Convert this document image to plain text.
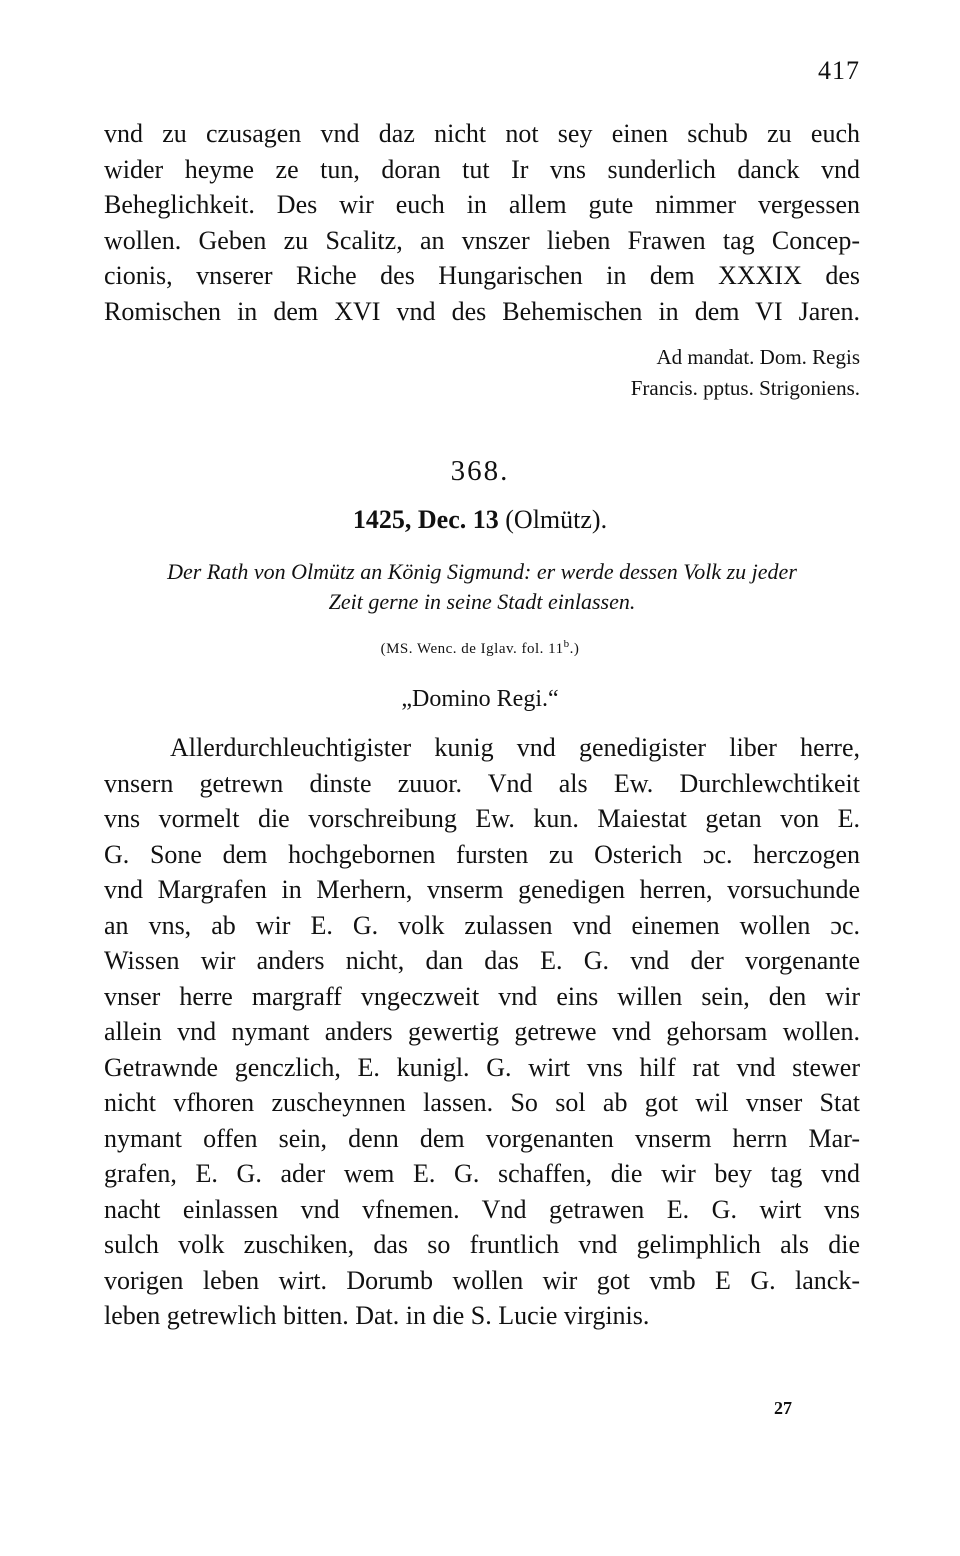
417
vnd zu czusagen vnd daz nicht not sey einen schub zu euch
wider heyme ze tun, doran tut Ir vns sunderlich danck vnd
Beheglichkeit. Des wir euch in allem gute nimmer vergessen
wollen. Geben zu Scalitz, an vnszer lieben Frawen tag Concep-
cionis, vnserer Riche des Hungarischen in dem XXXIX des
Romischen in dem XVI vnd des Behemischen in dem VI Jaren.
Ad mandat. Dom. Regis
Francis. pptus. Strigoniens.
368.
1425, Dec. 13 (Olmütz).
Der Rath von Olmütz an König Sigmund: er werde dessen Volk zu jeder
Zeit gerne in seine Stadt einlassen.
(MS. Wenc. de Iglav. fol. 11$^b$.)
„Domino Regi.“
Allerdurchleuchtigister kunig vnd genedigister liber herre,
vnsern getrewn dinste zuuor. Vnd als Ew. Durchlewchtikeit
vns vormelt die vorschreibung Ew. kun. Maiestat getan von E.
G. Sone dem hochgebornen fursten zu Osterich ɔc. herczogen
vnd Margrafen in Merhern, vnserm genedigen herren, vorsuchunde
an vns, ab wir E. G. volk zulassen vnd einemen wollen ɔc.
Wissen wir anders nicht, dan das E. G. vnd der vorgenante
vnser herre margraff vngeczweit vnd eins willen sein, den wir
allein vnd nymant anders gewertig getrewe vnd gehorsam wollen.
Getrawnde genczlich, E. kunigl. G. wirt vns hilf rat vnd stewer
nicht vfhoren zuscheynnen lassen. So sol ab got wil vnser Stat
nymant offen sein, denn dem vorgenanten vnserm herrn Mar-
grafen, E. G. ader wem E. G. schaffen, die wir bey tag vnd
nacht einlassen vnd vfnemen. Vnd getrawen E. G. wirt vns
sulch volk zuschiken, das so fruntlich vnd gelimphlich als die
vorigen leben wirt. Dorumb wollen wir got vmb E G. lanck-
leben getrewlich bitten. Dat. in die S. Lucie virginis.
27
